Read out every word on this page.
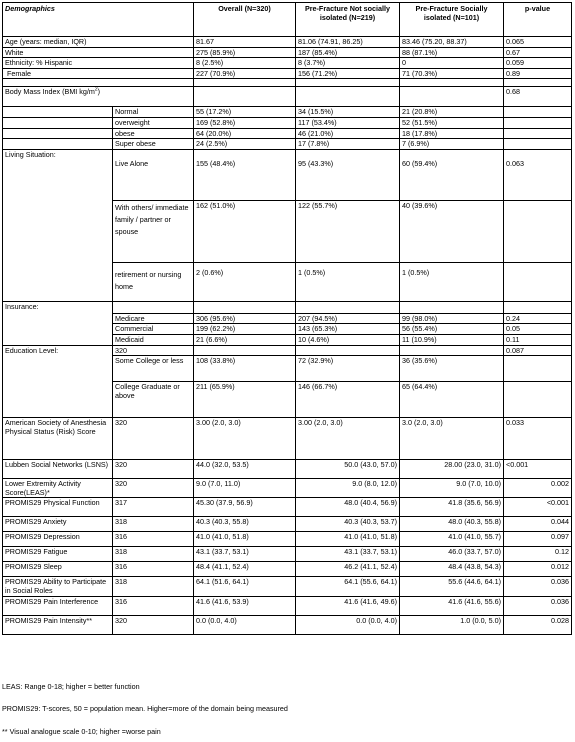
Demographics		Overall (N=320)	Pre-Fracture Not socially isolated (N=219)	Pre-Fracture Socially isolated (N=101)	p-value
Age (years: median, IQR)		81.67	81.06 (74.91, 86.25)	83.46 (75.20, 88.37)	0.065
White		275 (85.9%)	187 (85.4%)	88 (87.1%)	0.67
Ethnicity: % Hispanic		8 (2.5%)	8 (3.7%)	0	0.059
Female		227 (70.9%)	156 (71.2%)	71 (70.3%)	0.89

Body Mass Index (BMI $kg/m^2$)					0.68
	Normal	55 (17.2%)	34 (15.5%)	21 (20.8%)	
	overweight	169 (52.8%)	117 (53.4%)	52 (51.5%)	
	obese	64 (20.0%)	46 (21.0%)	18 (17.8%)	
	Super obese	24 (2.5%)	17 (7.8%)	7 (6.9%)	
Living Situation:	Live Alone	155 (48.4%)	95 (43.3%)	60 (59.4%)	0.063
	With others/ immediate family / partner or spouse	162 (51.0%)	122 (55.7%)	40 (39.6%)	
	retirement or nursing home	2 (0.6%)	1 (0.5%)	1 (0.5%)	
Insurance:					
	Medicare	306 (95.6%)	207 (94.5%)	99 (98.0%)	0.24
	Commercial	199 (62.2%)	143 (65.3%)	56 (55.4%)	0.05
	Medicaid	21 (6.6%)	10 (4.6%)	11 (10.9%)	0.11
Education Level:	320				0.087
	Some College or less	108 (33.8%)	72 (32.9%)	36 (35.6%)	
	College Graduate or above	211 (65.9%)	146 (66.7%)	65 (64.4%)	
American Society of Anesthesia Physical Status (Risk) Score	320	3.00 (2.0, 3.0)	3.00 (2.0, 3.0)	3.0 (2.0, 3.0)	0.033
Lubben Social Networks (LSNS)	320	44.0 (32.0, 53.5)	50.0 (43.0, 57.0)	28.00 (23.0, 31.0)	<0.001
Lower Extremity Activity Score(LEAS)*	320	9.0 (7.0, 11.0)	9.0 (8.0, 12.0)	9.0 (7.0, 10.0)	0.002
PROMIS29 Physical Function	317	45.30 (37.9, 56.9)	48.0 (40.4, 56.9)	41.8 (35.6, 56.9)	<0.001
PROMIS29 Anxiety	318	40.3 (40.3, 55.8)	40.3 (40.3, 53.7)	48.0 (40.3, 55.8)	0.044
PROMIS29 Depression	316	41.0 (41.0, 51.8)	41.0 (41.0, 51.8)	41.0 (41.0, 55.7)	0.097
PROMIS29 Fatigue	318	43.1 (33.7, 53.1)	43.1 (33.7, 53.1)	46.0 (33.7, 57.0)	0.12
PROMIS29 Sleep	316	48.4 (41.1, 52.4)	46.2 (41.1, 52.4)	48.4 (43.8, 54.3)	0.012
PROMIS29 Ability to Participate in Social Roles	318	64.1 (51.6, 64.1)	64.1 (55.6, 64.1)	55.6 (44.6, 64.1)	0.036
PROMIS29 Pain Interference	316	41.6 (41.6, 53.9)	41.6 (41.6, 49.6)	41.6 (41.6, 55.6)	0.036
PROMIS29 Pain Intensity**	320	0.0 (0.0, 4.0)	0.0 (0.0, 4.0)	1.0 (0.0, 5.0)	0.028
LEAS: Range 0-18; higher = better function
PROMIS29: T-scores, 50 = population mean. Higher=more of the domain being measured
** Visual analogue scale 0-10; higher =worse pain
